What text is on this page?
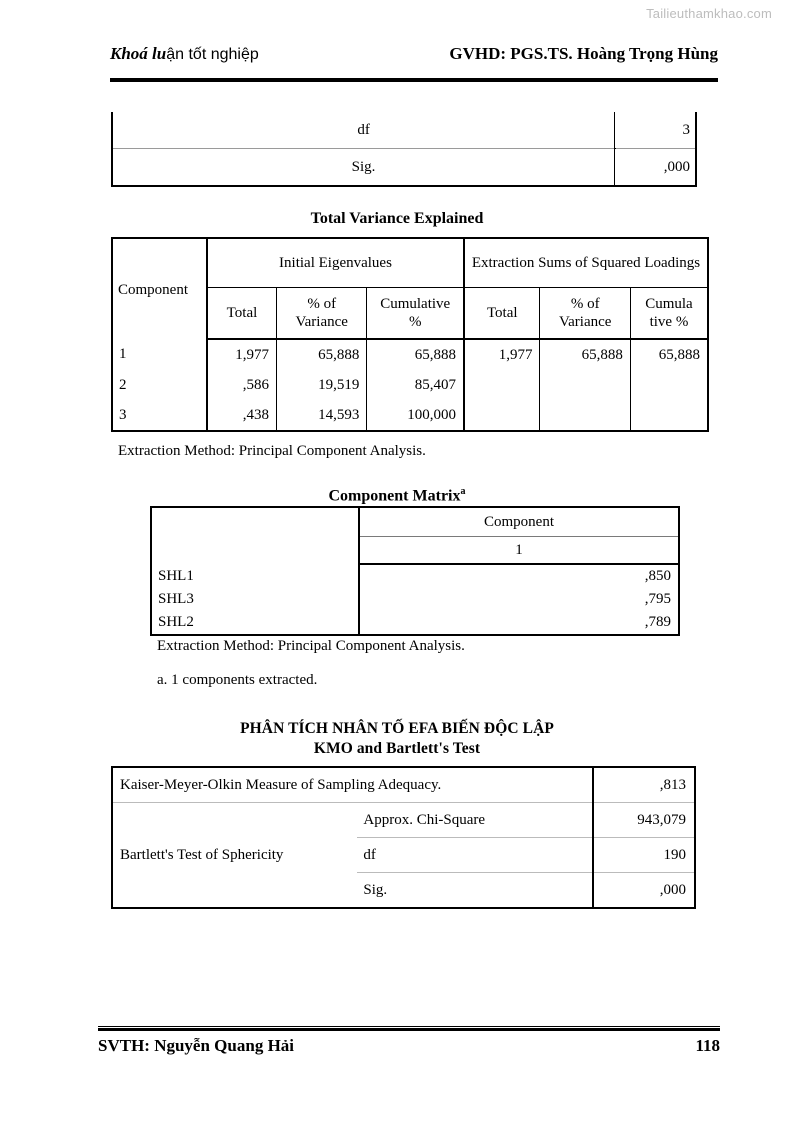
Tailieuthamkhao.com
Khoá luận tốt nghiệp	GVHD: PGS.TS. Hoàng Trọng Hùng
df	3

Sig.	,000
Total Variance Explained
Component	Initial Eigenvalues			Extraction Sums of Squared Loadings		
	Total	% of Variance	Cumulative %	Total	% of Variance	Cumula tive %
1	1,977	65,888	65,888	1,977	65,888	65,888
2	,586	19,519	85,407			
3	,438	14,593	100,000			
Extraction Method: Principal Component Analysis.
Component Matrix$^a$
	Component
	1
SHL1	,850
SHL3	,795
SHL2	,789
Extraction Method: Principal Component Analysis.
a. 1 components extracted.
PHÂN TÍCH NHÂN TỐ EFA BIẾN ĐỘC LẬP
KMO and Bartlett's Test
Kaiser-Meyer-Olkin Measure of Sampling Adequacy.		,813
Bartlett's Test of Sphericity	Approx. Chi-Square	943,079
	df	190
	Sig.	,000
SVTH: Nguyễn Quang Hải	118
